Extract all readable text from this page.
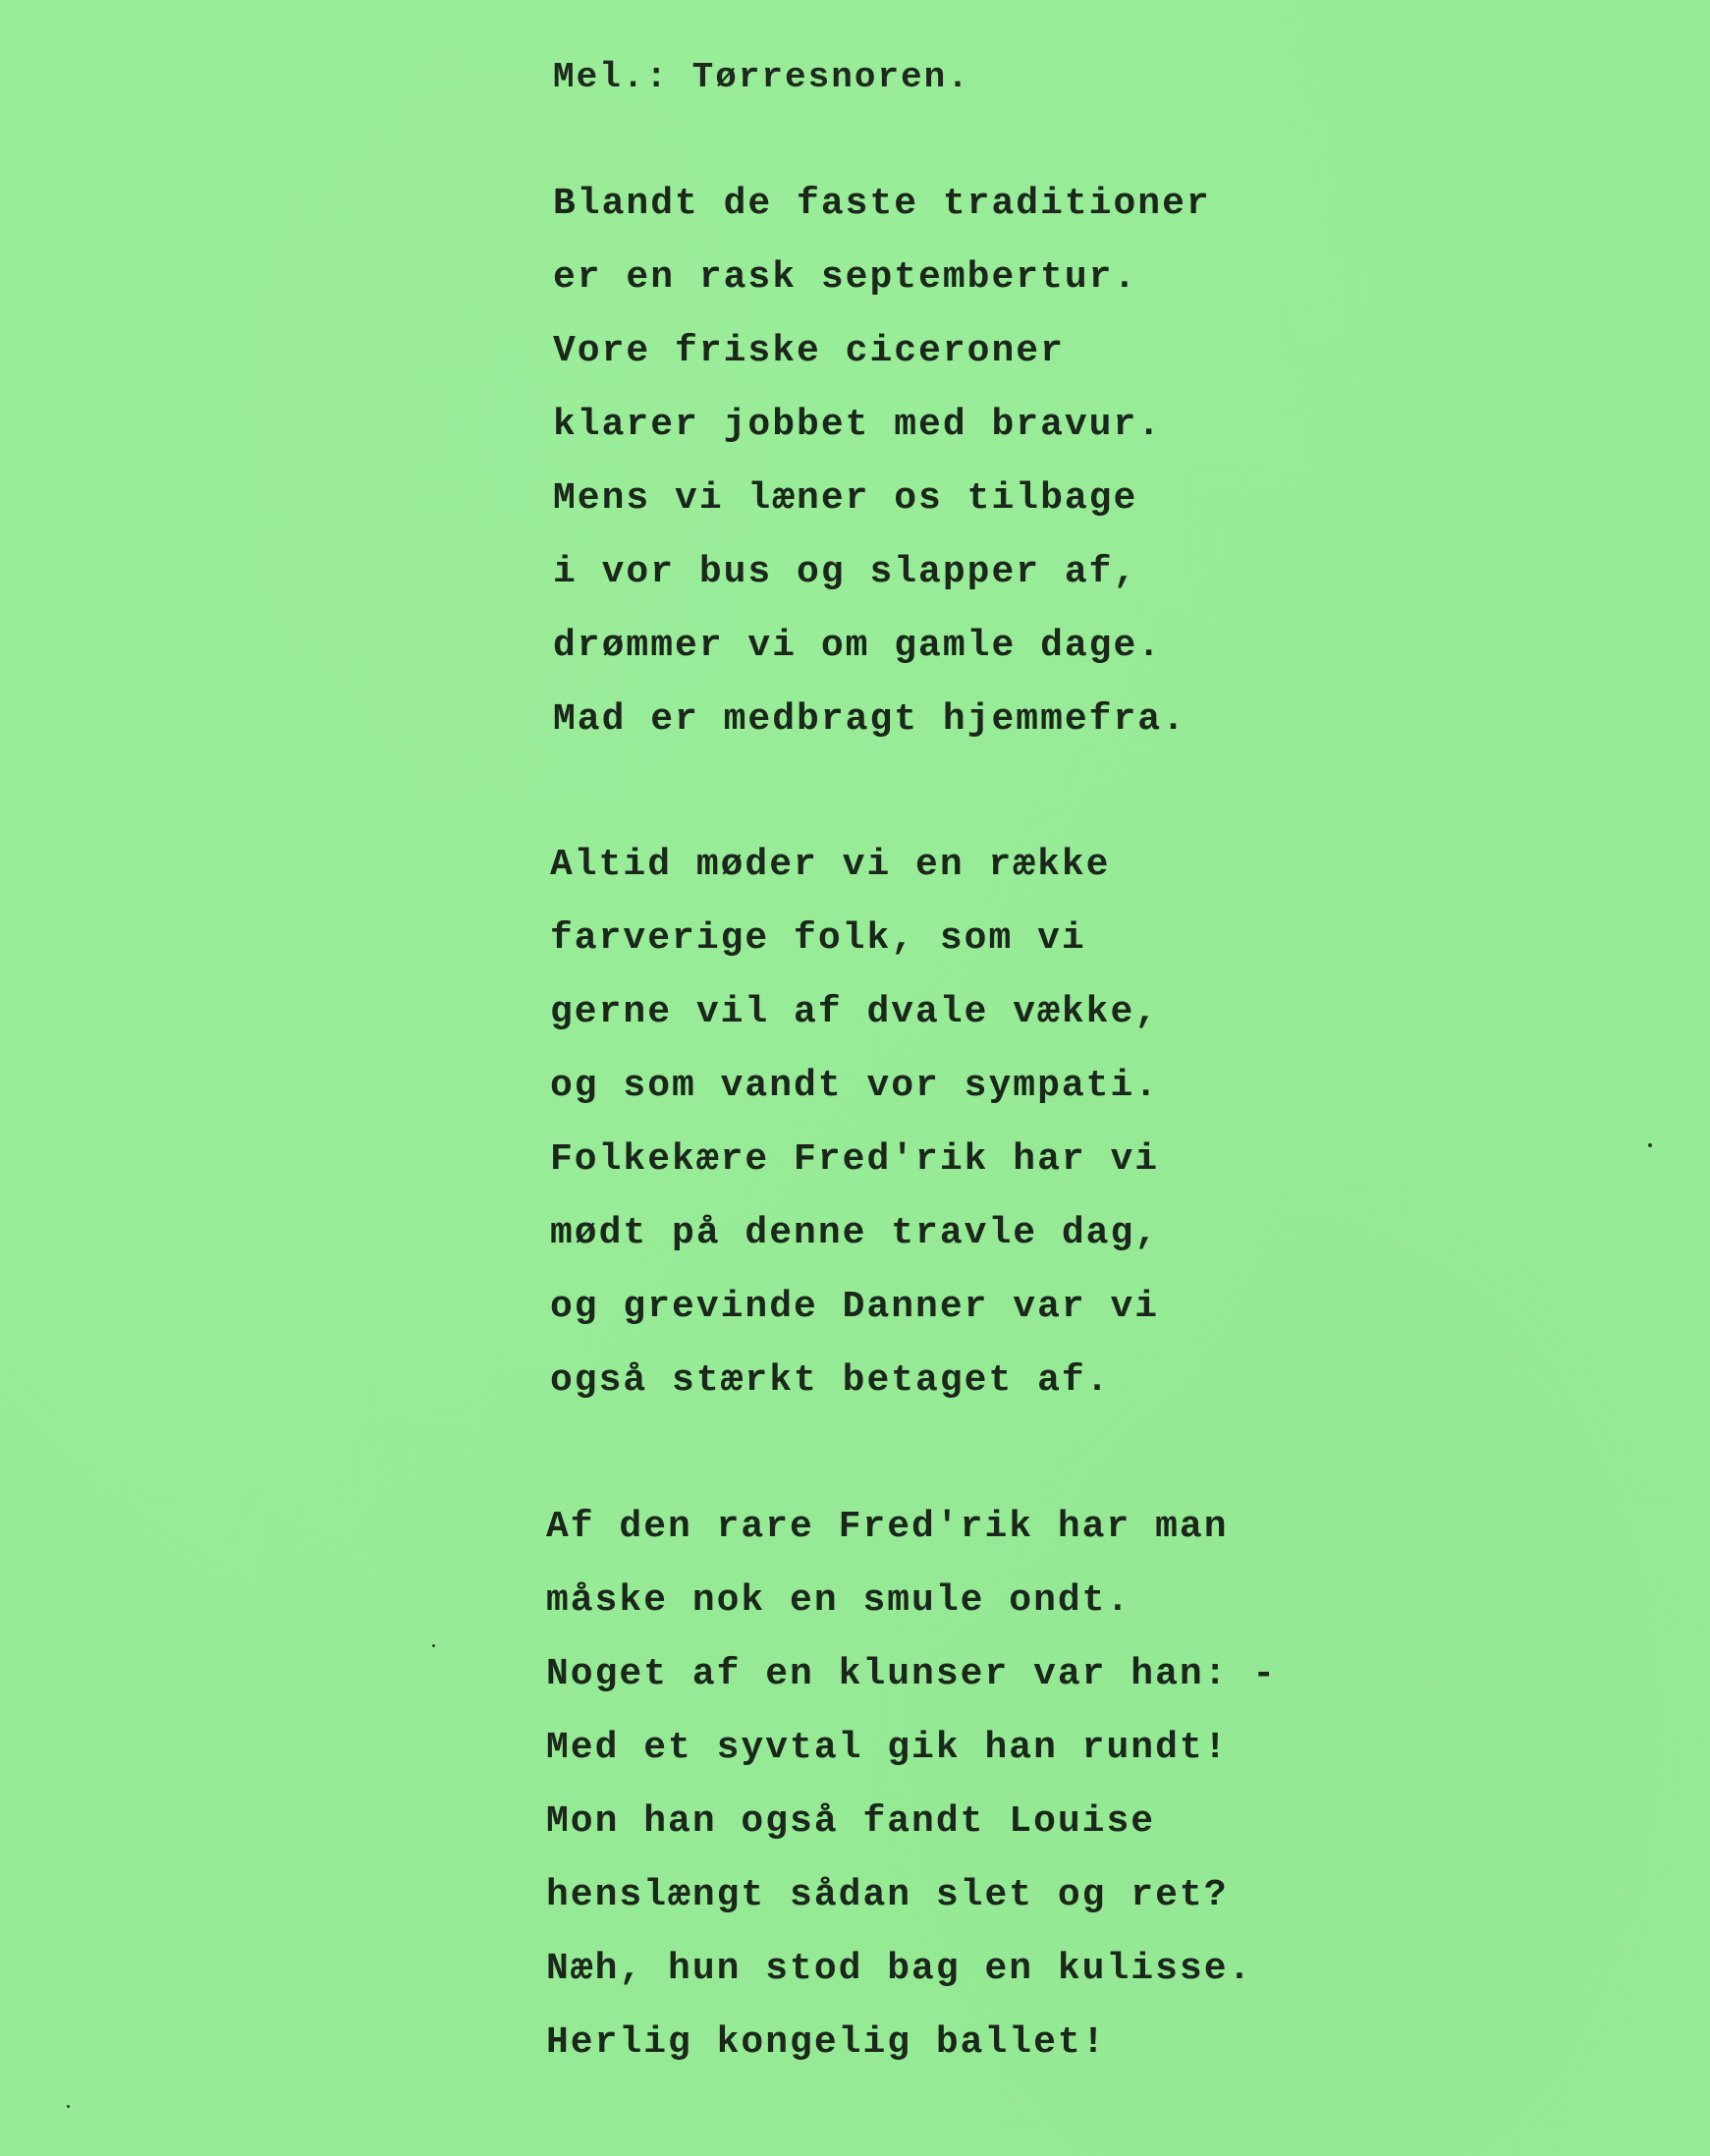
Mel.: Tørresnoren.
Blandt de faste traditioner
er en rask septembertur.
Vore friske ciceroner
klarer jobbet med bravur.
Mens vi læner os tilbage
i vor bus og slapper af,
drømmer vi om gamle dage.
Mad er medbragt hjemmefra.
Altid møder vi en række
farverige folk, som vi
gerne vil af dvale vække,
og som vandt vor sympati.
Folkekære Fred'rik har vi
mødt på denne travle dag,
og grevinde Danner var vi
også stærkt betaget af.
Af den rare Fred'rik har man
måske nok en smule ondt.
Noget af en klunser var han: -
Med et syvtal gik han rundt!
Mon han også fandt Louise
henslængt sådan slet og ret?
Næh, hun stod bag en kulisse.
Herlig kongelig ballet!
